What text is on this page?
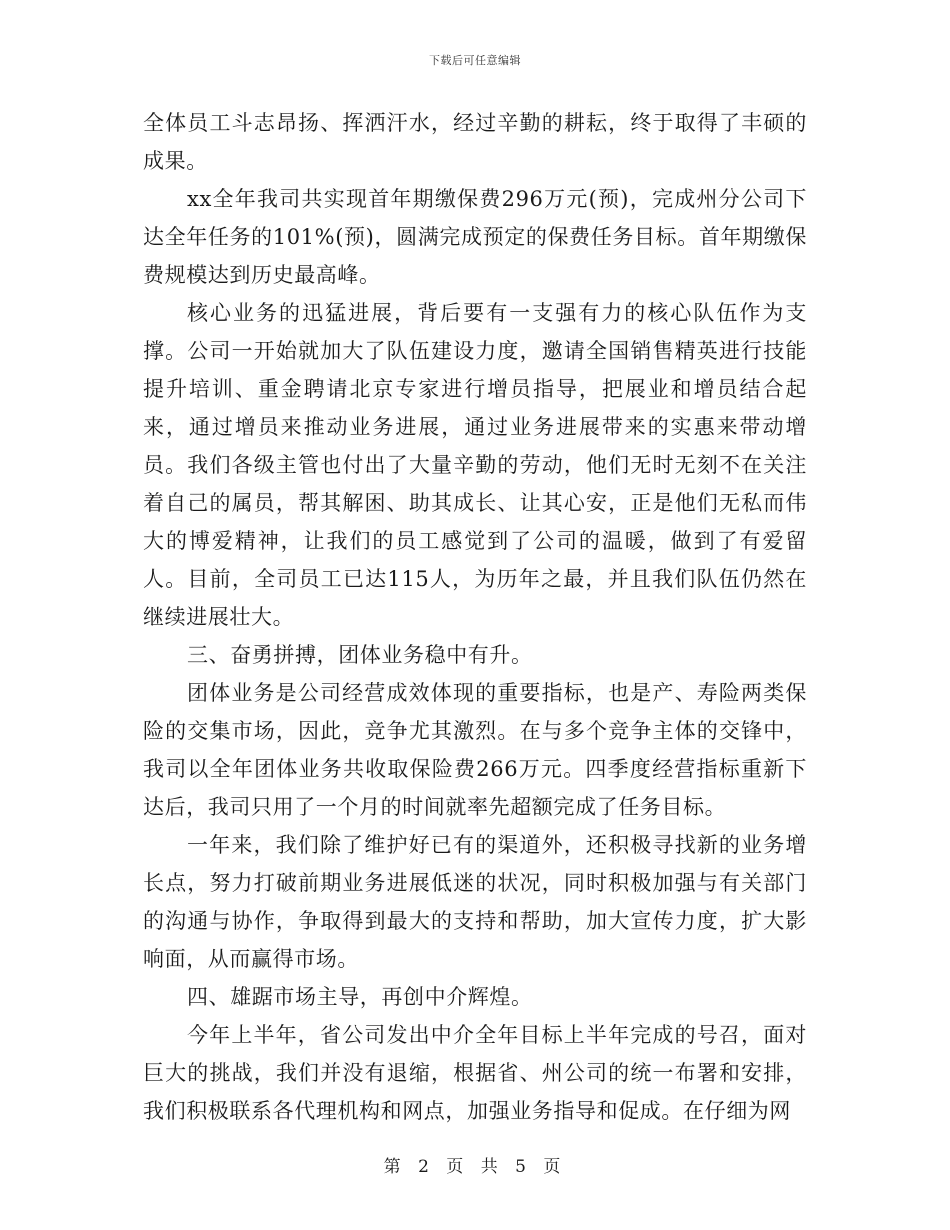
下载后可任意编辑

全体员工斗志昂扬、挥洒汗水，经过辛勤的耕耘，终于取得了丰硕的成果。

xx全年我司共实现首年期缴保费296万元(预)，完成州分公司下达全年任务的101%(预)，圆满完成预定的保费任务目标。首年期缴保费规模达到历史最高峰。

核心业务的迅猛进展，背后要有一支强有力的核心队伍作为支撑。公司一开始就加大了队伍建设力度，邀请全国销售精英进行技能提升培训、重金聘请北京专家进行增员指导，把展业和增员结合起来，通过增员来推动业务进展，通过业务进展带来的实惠来带动增员。我们各级主管也付出了大量辛勤的劳动，他们无时无刻不在关注着自己的属员，帮其解困、助其成长、让其心安，正是他们无私而伟大的博爱精神，让我们的员工感觉到了公司的温暖，做到了有爱留人。目前，全司员工已达115人，为历年之最，并且我们队伍仍然在继续进展壮大。

三、奋勇拼搏，团体业务稳中有升。

团体业务是公司经营成效体现的重要指标，也是产、寿险两类保险的交集市场，因此，竞争尤其激烈。在与多个竞争主体的交锋中，我司以全年团体业务共收取保险费266万元。四季度经营指标重新下达后，我司只用了一个月的时间就率先超额完成了任务目标。

一年来，我们除了维护好已有的渠道外，还积极寻找新的业务增长点，努力打破前期业务进展低迷的状况，同时积极加强与有关部门的沟通与协作，争取得到最大的支持和帮助，加大宣传力度，扩大影响面，从而赢得市场。

四、雄踞市场主导，再创中介辉煌。

今年上半年，省公司发出中介全年目标上半年完成的号召，面对巨大的挑战，我们并没有退缩，根据省、州公司的统一布署和安排，我们积极联系各代理机构和网点，加强业务指导和促成。在仔细为网

第 2 页 共 5 页
